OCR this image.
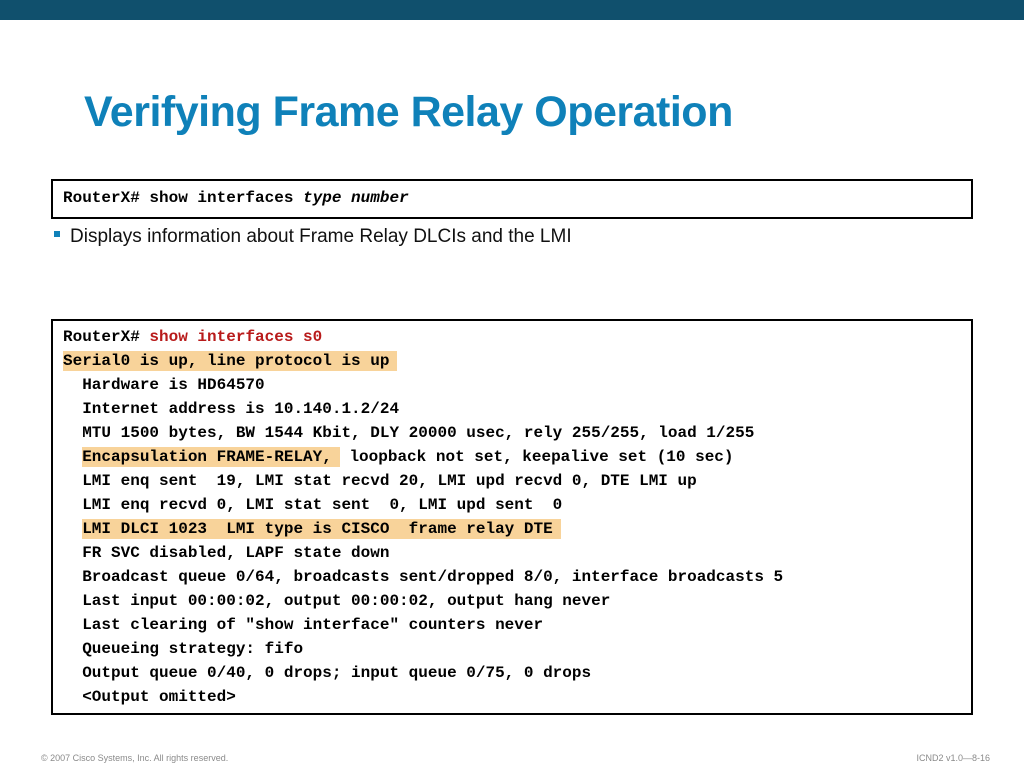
Verifying Frame Relay Operation
RouterX# show interfaces type number
Displays information about Frame Relay DLCIs and the LMI
RouterX# show interfaces s0
Serial0 is up, line protocol is up
Hardware is HD64570
Internet address is 10.140.1.2/24
MTU 1500 bytes, BW 1544 Kbit, DLY 20000 usec, rely 255/255, load 1/255
Encapsulation FRAME-RELAY, loopback not set, keepalive set (10 sec)
LMI enq sent  19, LMI stat recvd 20, LMI upd recvd 0, DTE LMI up
LMI enq recvd 0, LMI stat sent  0, LMI upd sent  0
LMI DLCI 1023  LMI type is CISCO  frame relay DTE
FR SVC disabled, LAPF state down
Broadcast queue 0/64, broadcasts sent/dropped 8/0, interface broadcasts 5
Last input 00:00:02, output 00:00:02, output hang never
Last clearing of "show interface" counters never
Queueing strategy: fifo
Output queue 0/40, 0 drops; input queue 0/75, 0 drops
<Output omitted>
© 2007 Cisco Systems, Inc. All rights reserved.	ICND2 v1.0—8-16
